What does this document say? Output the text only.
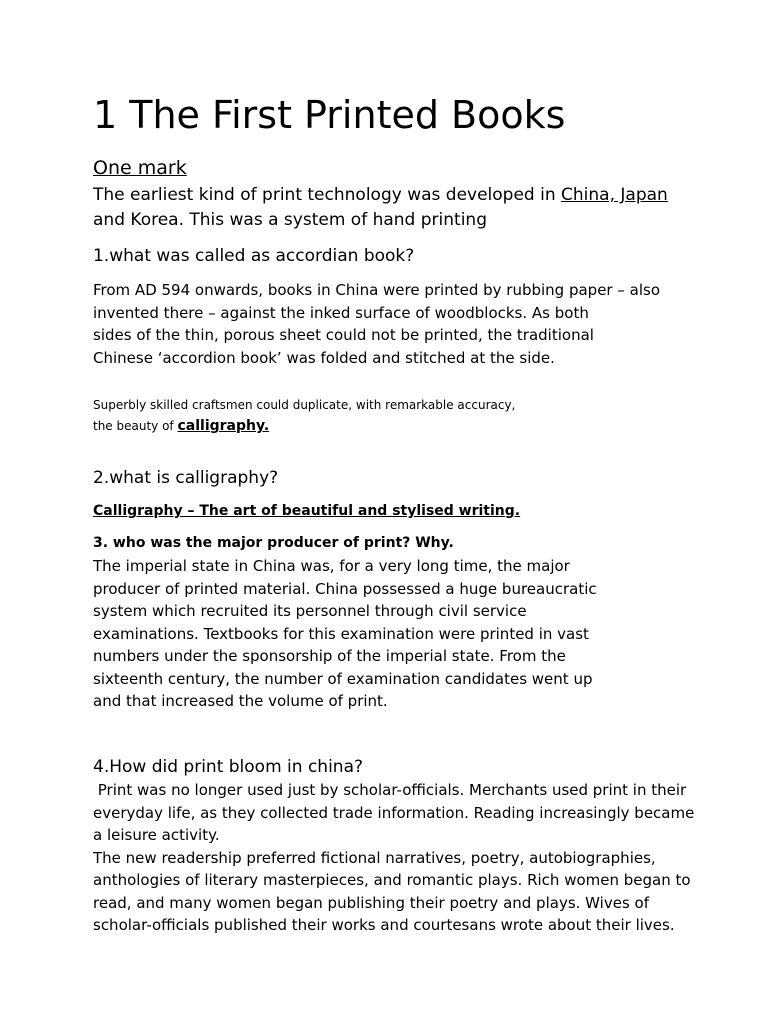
1 The First Printed Books
One mark
The earliest kind of print technology was developed in China, Japan
and Korea. This was a system of hand printing
1.what was called as accordian book?
From AD 594 onwards, books in China were printed by rubbing paper – also
invented there – against the inked surface of woodblocks. As both
sides of the thin, porous sheet could not be printed, the traditional
Chinese ‘accordion book’ was folded and stitched at the side.
Superbly skilled craftsmen could duplicate, with remarkable accuracy,
the beauty of calligraphy.
2.what is calligraphy?
Calligraphy – The art of beautiful and stylised writing.
3. who was the major producer of print? Why.
The imperial state in China was, for a very long time, the major
producer of printed material. China possessed a huge bureaucratic
system which recruited its personnel through civil service
examinations. Textbooks for this examination were printed in vast
numbers under the sponsorship of the imperial state. From the
sixteenth century, the number of examination candidates went up
and that increased the volume of print.
4.How did print bloom in china?
Print was no longer used just by scholar-officials. Merchants used print in their
everyday life, as they collected trade information. Reading increasingly became
a leisure activity.
The new readership preferred fictional narratives, poetry, autobiographies,
anthologies of literary masterpieces, and romantic plays. Rich women began to
read, and many women began publishing their poetry and plays. Wives of
scholar-officials published their works and courtesans wrote about their lives.
